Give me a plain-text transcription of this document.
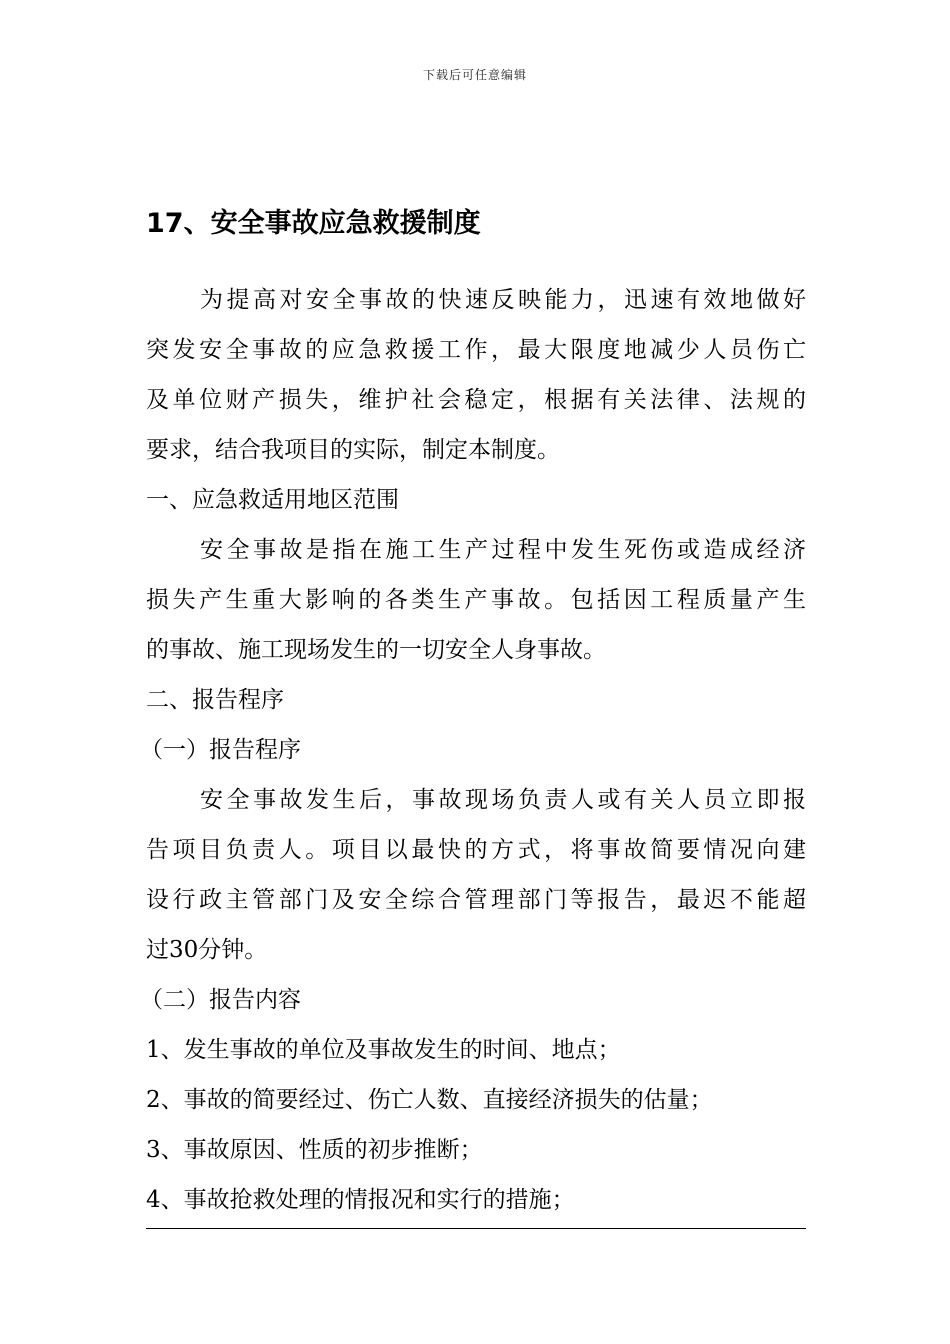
下载后可任意编辑
17、安全事故应急救援制度
为提高对安全事故的快速反映能力，迅速有效地做好
突发安全事故的应急救援工作，最大限度地减少人员伤亡
及单位财产损失，维护社会稳定，根据有关法律、法规的
要求，结合我项目的实际，制定本制度。
一、应急救适用地区范围
安全事故是指在施工生产过程中发生死伤或造成经济
损失产生重大影响的各类生产事故。包括因工程质量产生
的事故、施工现场发生的一切安全人身事故。
二、报告程序
（一）报告程序
安全事故发生后，事故现场负责人或有关人员立即报
告项目负责人。项目以最快的方式，将事故简要情况向建
设行政主管部门及安全综合管理部门等报告，最迟不能超
过30分钟。
（二）报告内容
1、发生事故的单位及事故发生的时间、地点；
2、事故的简要经过、伤亡人数、直接经济损失的估量；
3、事故原因、性质的初步推断；
4、事故抢救处理的情报况和实行的措施；
